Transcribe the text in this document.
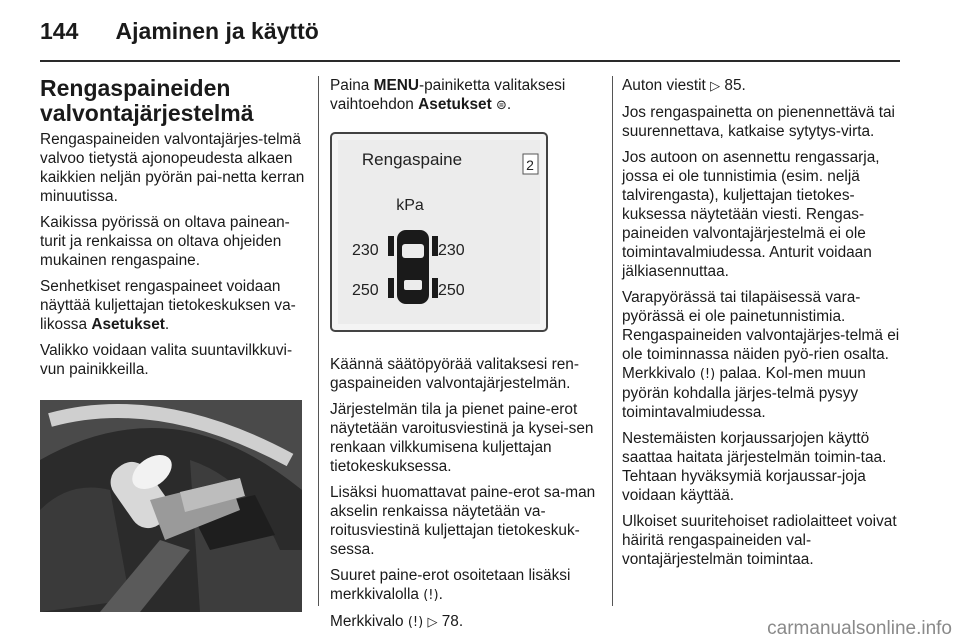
144 Ajaminen ja käyttö
Rengaspaineiden valvontajärjestelmä

Rengaspaineiden valvontajärjes-telmä valvoo tietystä ajonopeudesta alkaen kaikkien neljän pyörän pai-netta kerran minuutissa.

Kaikissa pyörissä on oltava painean-turit ja renkaissa on oltava ohjeiden mukainen rengaspaine.

Senhetkiset rengaspaineet voidaan näyttää kuljettajan tietokeskuksen va-likossa Asetukset.

Valikko voidaan valita suuntavilkkuvi-vun painikkeilla.

Paina MENU-painiketta valitaksesi vaihtoehdon Asetukset ⊜.

Rengaspaine	2
kPa
230	230
250	250

Käännä säätöpyörää valitaksesi ren-gaspaineiden valvontajärjestelmän.

Järjestelmän tila ja pienet paine-erot näytetään varoitusviestinä ja kysei-sen renkaan vilkkumisena kuljettajan tietokeskuksessa.

Lisäksi huomattavat paine-erot sa-man akselin renkaissa näytetään va-roitusviestinä kuljettajan tietokeskuk-sessa.

Suuret paine-erot osoitetaan lisäksi merkkivalolla (!).

Merkkivalo (!) ▷ 78.

Auton viestit ▷ 85.

Jos rengaspainetta on pienennettävä tai suurennettava, katkaise sytytys-virta.

Jos autoon on asennettu rengassarja, jossa ei ole tunnistimia (esim. neljä talvirengasta), kuljettajan tietokes-kuksessa näytetään viesti. Rengas-paineiden valvontajärjestelmä ei ole toimintavalmiudessa. Anturit voidaan jälkiasennuttaa.

Varapyörässä tai tilapäisessä vara-pyörässä ei ole painetunnistimia. Rengaspaineiden valvontajärjes-telmä ei ole toiminnassa näiden pyö-rien osalta. Merkkivalo (!) palaa. Kol-men muun pyörän kohdalla järjes-telmä pysyy toimintavalmiudessa.

Nestemäisten korjaussarjojen käyttö saattaa haitata järjestelmän toimin-taa. Tehtaan hyväksymiä korjaussar-joja voidaan käyttää.

Ulkoiset suuritehoiset radiolaitteet voivat häiritä rengaspaineiden val-vontajärjestelmän toimintaa.

carmanualsonline.info
